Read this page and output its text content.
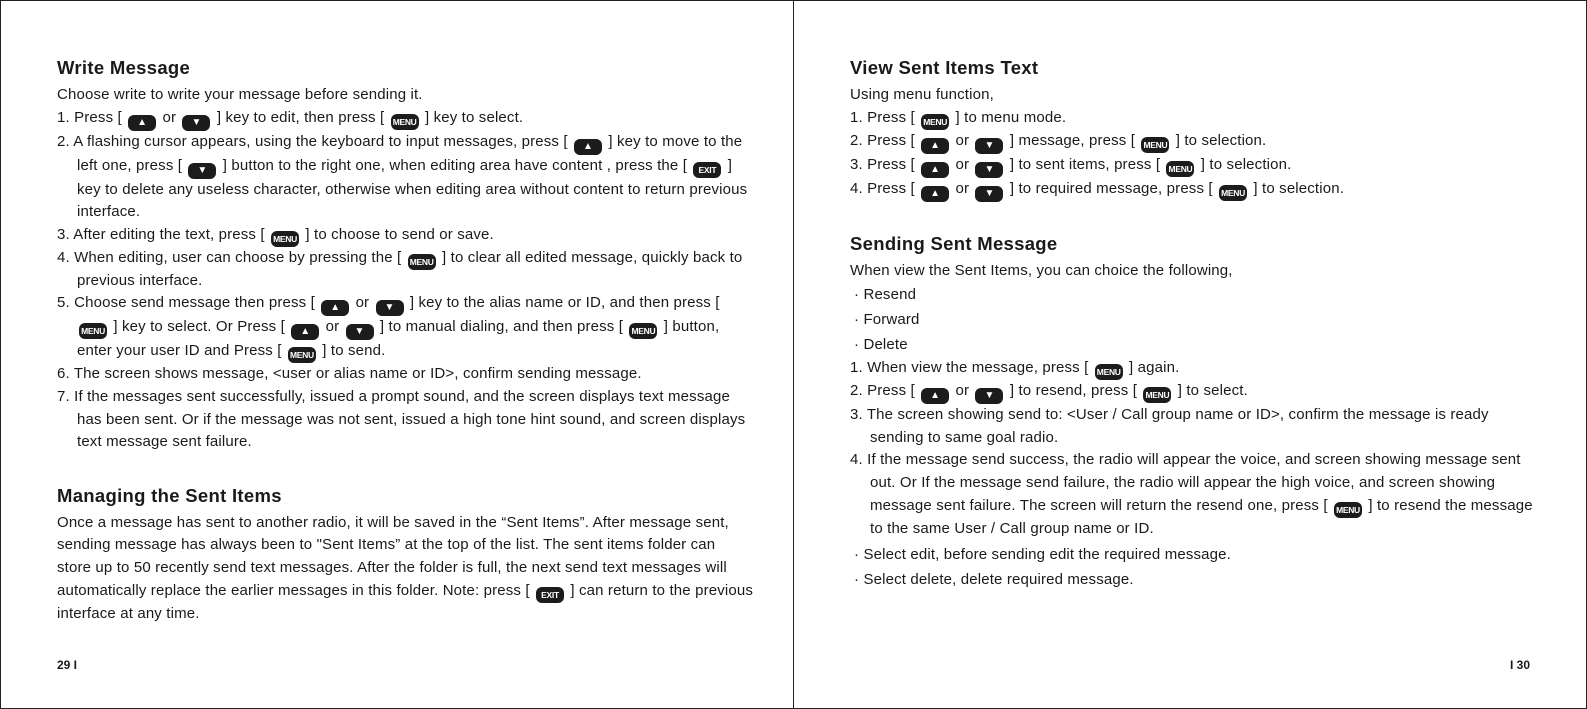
Write Message

Choose write to write your message before sending it.

1. Press [ ▲ or ▼ ] key to edit, then press [ MENU ] key to select.
2. A flashing cursor appears, using the keyboard to input messages, press [ ▲ ] key to move to the left one, press [ ▼ ] button to the right one, when editing area have content , press the [ EXIT ] key to delete any useless character, otherwise when editing area without content to return previous interface.
3. After editing the text, press [ MENU ] to choose to send or save.
4. When editing, user can choose by pressing the [ MENU ] to clear all edited message, quickly back to previous interface.
5. Choose send message then press [ ▲ or ▼ ] key to the alias name or ID, and then press [ MENU ] key to select. Or Press [ ▲ or ▼ ] to manual dialing, and then press [ MENU ] button, enter your user ID and Press [ MENU ] to send.
6. The screen shows message, <user or alias name or ID>, confirm sending message.
7. If the messages sent successfully, issued a prompt sound, and the screen displays text message has been sent. Or if the message was not sent, issued a high tone hint sound, and screen displays text message sent failure.
Managing the Sent Items

Once a message has sent to another radio, it will be saved in the “Sent Items”. After message sent, sending message has always been to "Sent Items” at the top of the list. The sent items folder can store up to 50 recently send text messages. After the folder is full, the next send text messages will automatically replace the earlier messages in this folder. Note: press [ EXIT ] can return to the previous interface at any time.

29 I
View Sent Items Text

Using menu function,

1. Press [ MENU ] to menu mode.
2. Press [ ▲ or ▼ ] message, press [ MENU ] to selection.
3. Press [ ▲ or ▼ ] to sent items, press [ MENU ] to selection.
4. Press [ ▲ or ▼ ] to required message, press [ MENU ] to selection.
Sending Sent Message

When view the Sent Items, you can choice the following,

· Resend
· Forward
· Delete
1. When view the message, press [ MENU ] again.
2. Press [ ▲ or ▼ ] to resend, press [ MENU ] to select.
3. The screen showing send to: <User / Call group name or ID>, confirm the message is ready sending to same goal radio.
4. If the message send success, the radio will appear the voice, and screen showing message sent out. Or If the message send failure, the radio will appear the high voice, and screen showing message sent failure. The screen will return the resend one, press [ MENU ] to resend the message to the same User / Call group name or ID.
· Select edit, before sending edit the required message.
· Select delete, delete required message.
I 30
